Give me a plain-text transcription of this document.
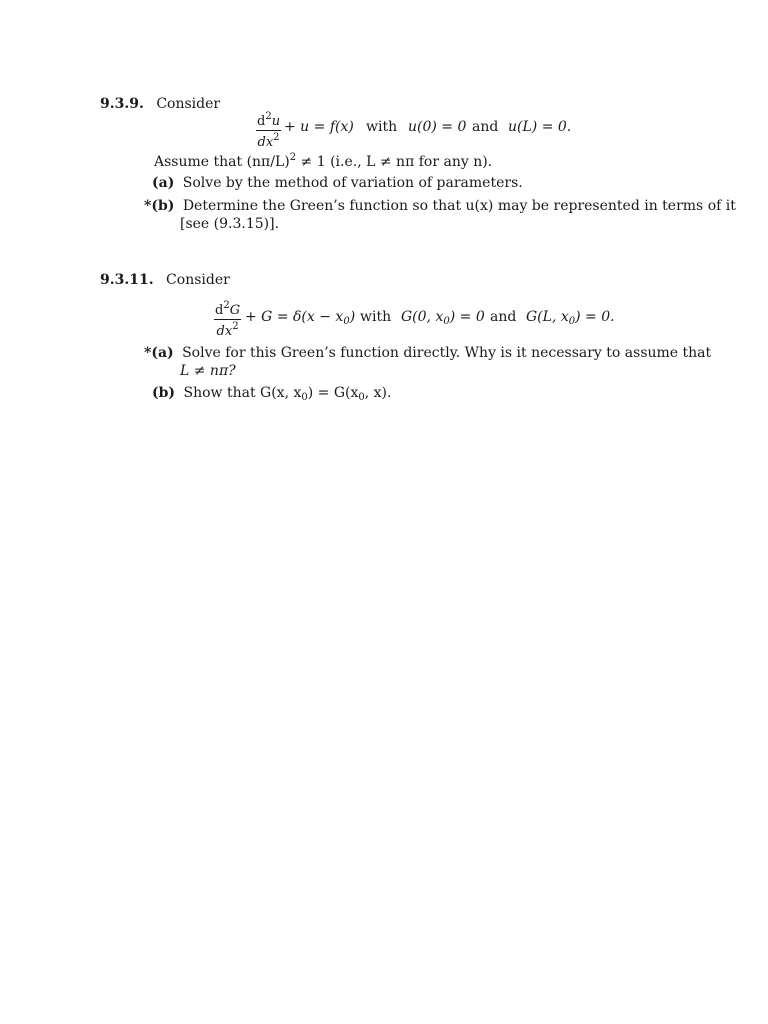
9.3.9. Consider
$d^2u$
$dx^2$
+ u = f(x) with u(0) = 0 and u(L) = 0.
Assume that $(n\pi/L)^2 \ne 1$ (i.e., L ≠ nπ for any n).
(a) Solve by the method of variation of parameters.
*(b) Determine the Green’s function so that u(x) may be represented in terms of it
[see (9.3.15)].
9.3.11. Consider
$d^2G$
$dx^2$
+ $G = \delta(x - x_0)$ with G(0, $x_0) = 0$ and G(L, $x_0) = 0$.
*(a) Solve for this Green’s function directly. Why is it necessary to assume that
L ≠ nπ?
(b) Show that G(x, $x_0) = G(x_0$, x).
